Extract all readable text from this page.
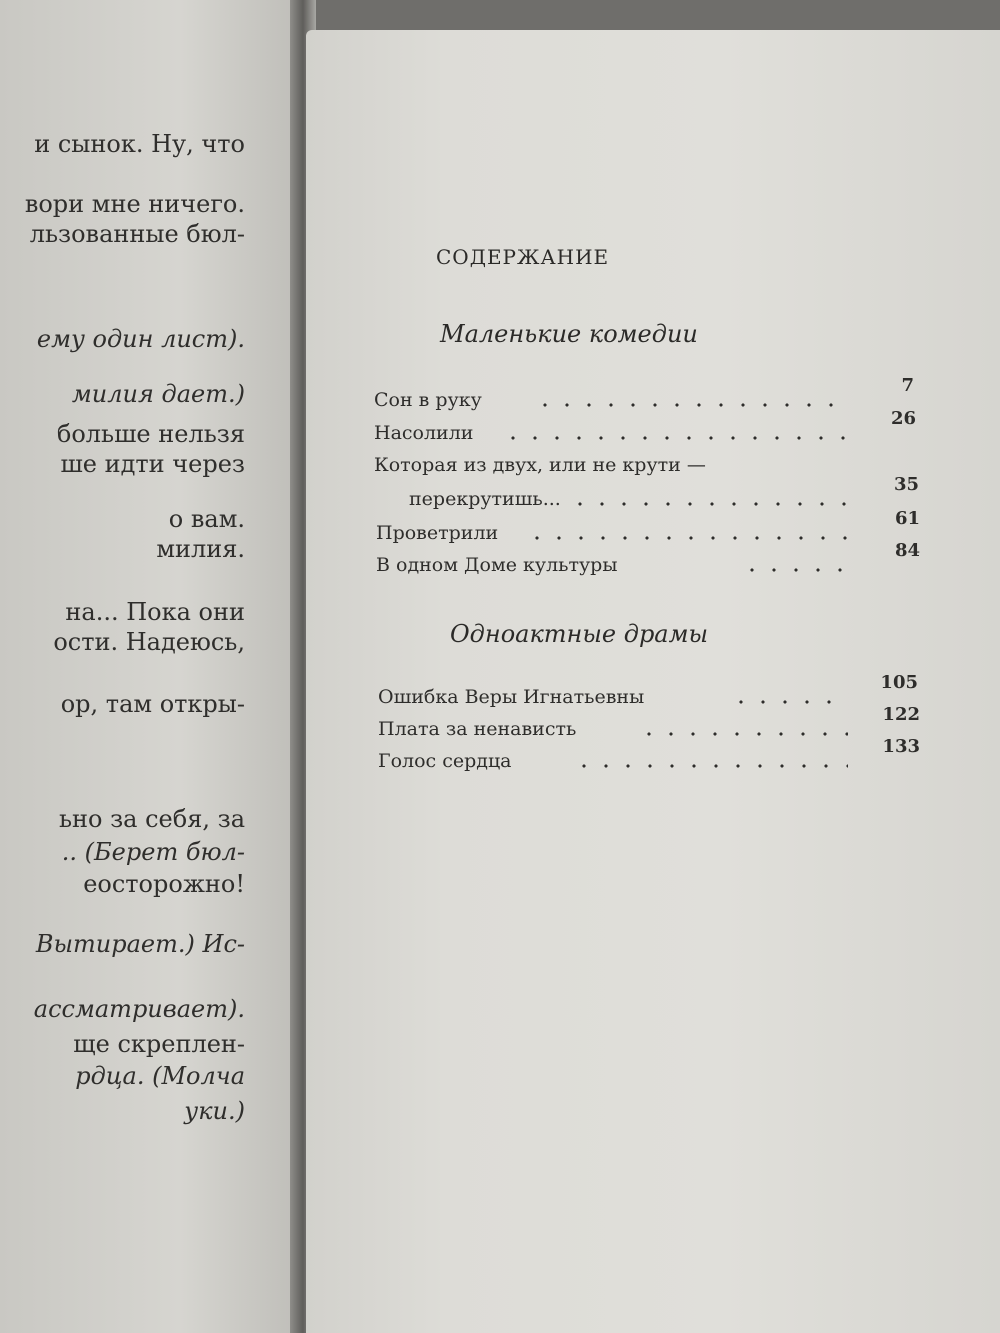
и сынок. Ну, что
вори мне ничего.
льзованные бюл-
ему один лист).
милия дает.)
больше нельзя
ше идти через
о вам.
милия.
на... Пока они
ости. Надеюсь,
ор, там откры-
ьно за себя, за
.. (Берет бюл-
еосторожно!
Вытирает.) Ис-
ассматривает).
ще скреплен-
рдца. (Молча
уки.)
СОДЕРЖАНИЕ
Маленькие комедии
Сон в руку
7
Насолили
26
Которая из двух, или не крути —
перекрутишь...
35
Проветрили
61
В одном Доме культуры
84
Одноактные драмы
Ошибка Веры Игнатьевны
105
Плата за ненависть
122
Голос сердца
133
